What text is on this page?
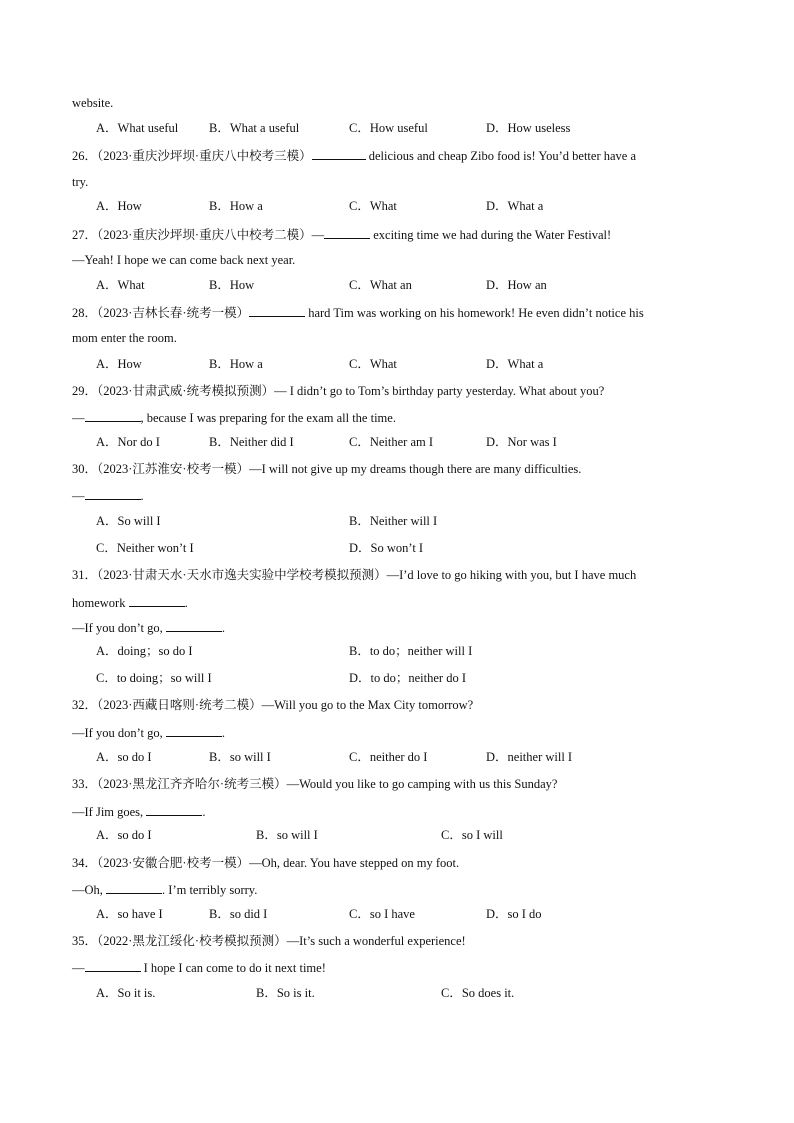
website.
A．What useful B．What a useful	C．How useful	D．How useless
26．（2023·重庆沙坪坝·重庆八中校考三模）	delicious and cheap Zibo food is! You’d better have a
try.
A．How	B．How a	C．What	D．What a
27．（2023·重庆沙坪坝·重庆八中校考二模）—	exciting time we had during the Water Festival!
—Yeah! I hope we can come back next year.
A．What	B．How	C．What an	D．How an
28．（2023·吉林长春·统考一模）	hard Tim was working on his homework! He even didn’t notice his
mom enter the room.
A．How	B．How a	C．What	D．What a
29．（2023·甘肃武威·统考模拟预测）— I didn’t go to Tom’s birthday party yesterday. What about you?
—	, because I was preparing for the exam all the time.
A．Nor do I	B．Neither did I	C．Neither am I	D．Nor was I
30．（2023·江苏淮安·校考一模）—I will not give up my dreams though there are many difficulties.
—	.
A．So will I	B．Neither will I
C．Neither won’t I	D．So won’t I
31．（2023·甘肃天水·天水市逸夫实验中学校考模拟预测）—I’d love to go hiking with you, but I have much
homework	.
—If you don’t go,	.
A．doing；so do I	B．to do；neither will I
C．to doing；so will I	D．to do；neither do I
32．（2023·西藏日喀则·统考二模）—Will you go to the Max City tomorrow?
—If you don’t go,	.
A．so do I	B．so will I	C．neither do I	D．neither will I
33．（2023·黑龙江齐齐哈尔·统考三模）—Would you like to go camping with us this Sunday?
—If Jim goes,	.
A．so do I	B．so will I	C．so I will
34．（2023·安徽合肥·校考一模）—Oh, dear. You have stepped on my foot.
—Oh,	. I’m terribly sorry.
A．so have I	B．so did I	C．so I have	D．so I do
35．（2022·黑龙江绥化·校考模拟预测）—It’s such a wonderful experience!
—	I hope I can come to do it next time!
A．So it is.	B．So is it.	C．So does it.
